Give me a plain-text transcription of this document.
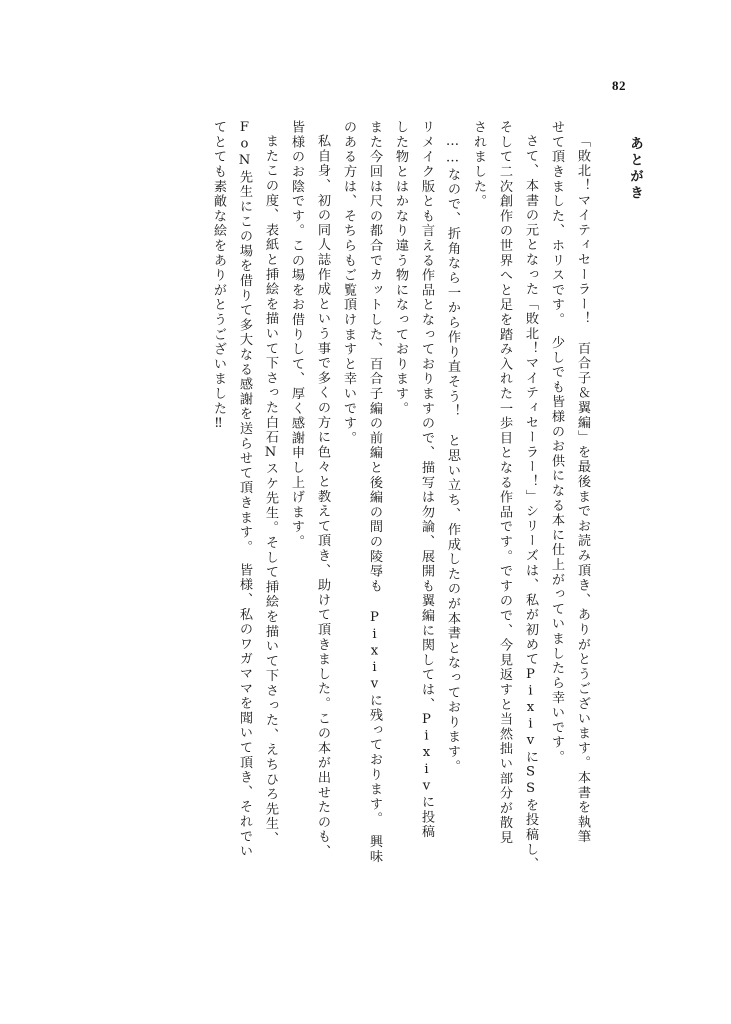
82
あとがき
「敗北！マイティセーラー！　百合子＆翼編」を最後までお読み頂き、ありがとうございます。本書を執筆
せて頂きました、ホリスです。　少しでも皆様のお供になる本に仕上がっていましたら幸いです。
さて、本書の元となった「敗北！マイティセーラー！」シリーズは、私が初めてPixivにSSを投稿し、
そして二次創作の世界へと足を踏み入れた一歩目となる作品です。ですので、今見返すと当然拙い部分が散見
されました。
……なので、折角なら一から作り直そう！　と思い立ち、作成したのが本書となっております。
リメイク版とも言える作品となっておりますので、描写は勿論、展開も翼編に関しては、Pixivに投稿
した物とはかなり違う物になっております。
また今回は尺の都合でカットした、百合子編の前編と後編の間の陵辱も Pixivに残っております。　興味
のある方は、そちらもご覧頂けますと幸いです。
私自身、初の同人誌作成という事で多くの方に色々と教えて頂き、助けて頂きました。この本が出せたのも、
皆様のお陰です。この場をお借りして、厚く感謝申し上げます。
またこの度、表紙と挿絵を描いて下さった白石Nスケ先生。そして挿絵を描いて下さった、えちひろ先生、
FoN先生にこの場を借りて多大なる感謝を送らせて頂きます。　皆様、私のワガママを聞いて頂き、それでい
てとても素敵な絵をありがとうございました‼
